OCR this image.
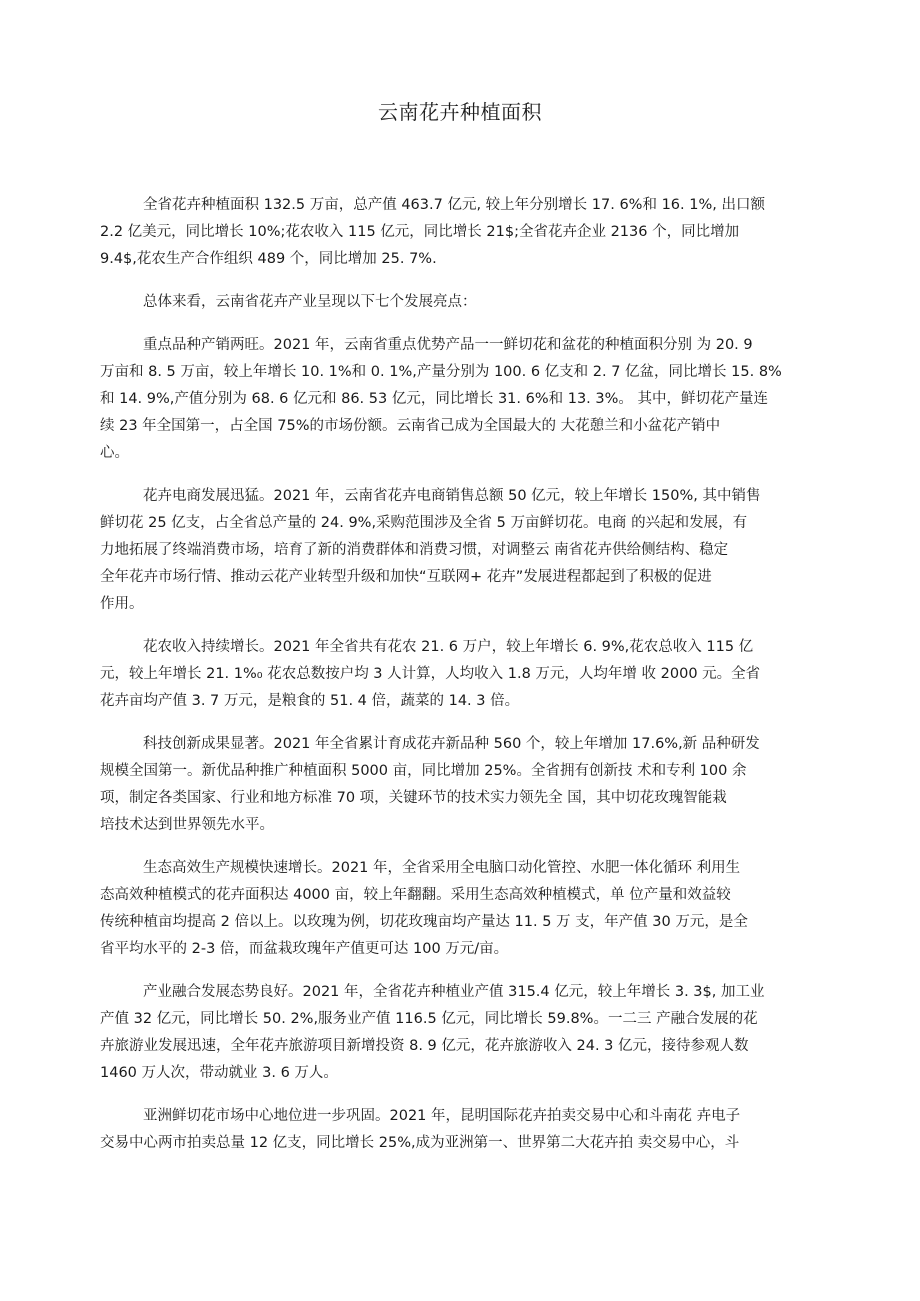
云南花卉种植面积
全省花卉种植面积 132.5 万亩，总产值 463.7 亿元, 较上年分别增长 17. 6%和 16. 1%, 出口额
2.2 亿美元，同比增长 10%;花农收入 115 亿元，同比增长 21$;全省花卉企业 2136 个，同比增加
9.4$,花农生产合作组织 489 个，同比增加 25. 7%.
总体来看，云南省花卉产业呈现以下七个发展亮点：
重点品种产销两旺。2021 年，云南省重点优势产品一一鲜切花和盆花的种植面积分别 为 20. 9
万亩和 8. 5 万亩，较上年增长 10. 1%和 0. 1%,产量分别为 100. 6 亿支和 2. 7 亿盆，同比增长 15. 8%
和 14. 9%,产值分别为 68. 6 亿元和 86. 53 亿元，同比增长 31. 6%和 13. 3%。 其中，鲜切花产量连
续 23 年全国第一，占全国 75%的市场份额。云南省己成为全国最大的 大花憩兰和小盆花产销中
心。
花卉电商发展迅猛。2021 年，云南省花卉电商销售总额 50 亿元，较上年增长 150%, 其中销售
鲜切花 25 亿支，占全省总产量的 24. 9%,采购范围涉及全省 5 万亩鲜切花。电商 的兴起和发展，有
力地拓展了终端消费市场，培育了新的消费群体和消费习惯，对调整云 南省花卉供给侧结构、稳定
全年花卉市场行情、推动云花产业转型升级和加快“互联网+ 花卉”发展进程都起到了积极的促进
作用。
花农收入持续增长。2021 年全省共有花农 21. 6 万户，较上年增长 6. 9%,花农总收入 115 亿
元，较上年增长 21. 1%₀ 花农总数按户均 3 人计算，人均收入 1.8 万元，人均年增 收 2000 元。全省
花卉亩均产值 3. 7 万元，是粮食的 51. 4 倍，蔬菜的 14. 3 倍。
科技创新成果显著。2021 年全省累计育成花卉新品种 560 个，较上年增加 17.6%,新 品种研发
规模全国第一。新优品种推广种植面积 5000 亩，同比增加 25%。全省拥有创新技 术和专利 100 余
项，制定各类国家、行业和地方标准 70 项，关键环节的技术实力领先全 国，其中切花玫瑰智能栽
培技术达到世界领先水平。
生态高效生产规模快速增长。2021 年，全省采用全电脑口动化管控、水肥一体化循环 利用生
态高效种植模式的花卉面积达 4000 亩，较上年翻翻。采用生态高效种植模式，单 位产量和效益较
传统种植亩均提高 2 倍以上。以玫瑰为例，切花玫瑰亩均产量达 11. 5 万 支，年产值 30 万元，是全
省平均水平的 2-3 倍，而盆栽玫瑰年产值更可达 100 万元/亩。
产业融合发展态势良好。2021 年，全省花卉种植业产值 315.4 亿元，较上年增长 3. 3$, 加工业
产值 32 亿元，同比增长 50. 2%,服务业产值 116.5 亿元，同比增长 59.8%。一二三 产融合发展的花
卉旅游业发展迅速，全年花卉旅游项目新增投资 8. 9 亿元，花卉旅游收入 24. 3 亿元，接待参观人数
1460 万人次，带动就业 3. 6 万人。
亚洲鲜切花市场中心地位进一步巩固。2021 年，昆明国际花卉拍卖交易中心和斗南花 卉电子
交易中心两市拍卖总量 12 亿支，同比增长 25%,成为亚洲第一、世界第二大花卉拍 卖交易中心，斗
